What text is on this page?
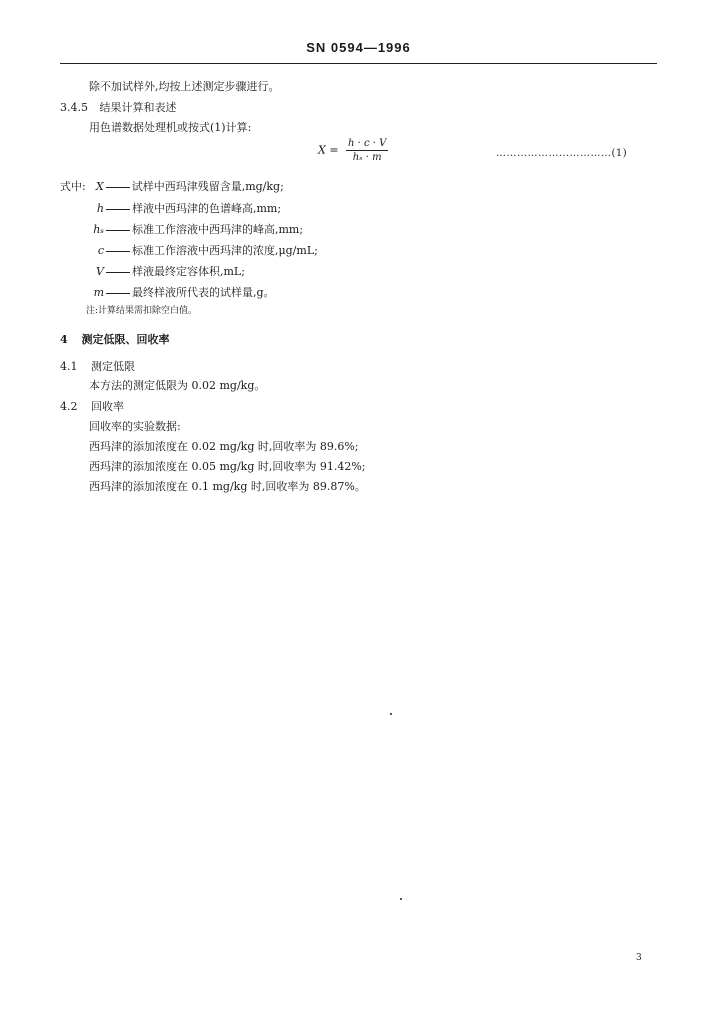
SN 0594—1996
除不加试样外,均按上述测定步骤进行。
3.4.5 结果计算和表述
用色谱数据处理机或按式(1)计算:
$X = \frac{h \cdot c \cdot V}{\text{hₛ · m}}$	……………………………(1)
式中: X	试样中西玛津残留含量,mg/kg;
h	样液中西玛津的色谱峰高,mm;
hₛ	标准工作溶液中西玛津的峰高,mm;
c	标准工作溶液中西玛津的浓度,μg/mL;
V	样液最终定容体积,mL;
m	最终样液所代表的试样量,g。
注:计算结果需扣除空白值。
4 测定低限、回收率
4.1 测定低限
本方法的测定低限为 0.02 mg/kg。
4.2 回收率
回收率的实验数据:
西玛津的添加浓度在 0.02 mg/kg 时,回收率为 89.6%;
西玛津的添加浓度在 0.05 mg/kg 时,回收率为 91.42%;
西玛津的添加浓度在 0.1 mg/kg 时,回收率为 89.87%。
3
